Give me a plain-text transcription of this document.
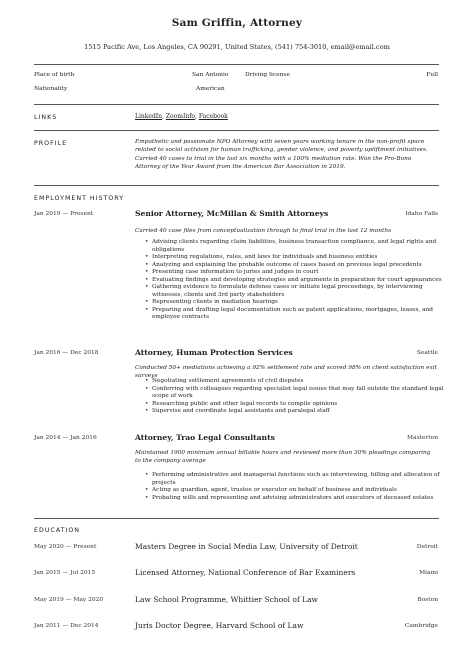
Sam Griffin, Attorney
1515 Pacific Ave, Los Angeles, CA 90291, United States, (541) 754-3010, email@email.com
Place of birth	San Antonio	Driving license	Full
Nationality	American
LINKS	LinkedIn, ZoomInfo, Facebook
PROFILE	Empathetic and passionate NPO Attorney with seven years working tenure in the non-profit space related to social activism for human trafficking, gender violence, and poverty upliftment initiatives. Carried 40 cases to trial in the last six months with a 100% mediation rate. Won the Pro-Bono Attorney of the Year Award from the American Bar Association in 2019.
EMPLOYMENT HISTORY
Jan 2019 — Present	Senior Attorney, McMillan & Smith Attorneys	Idaho Falls
Carried 40 case files from conceptualization through to final trial in the last 12 months
• Advising clients regarding claim liabilities, business transaction compliance, and legal rights and obligations
• Interpreting regulations, rules, and laws for individuals and business entities
• Analyzing and explaining the probable outcome of cases based on previous legal precedents
• Presenting case information to juries and judges in court
• Evaluating findings and developing strategies and arguments in preparation for court appearances
• Gathering evidence to formulate defense cases or initiate legal proceedings, by interviewing witnesses, clients and 3rd party stakeholders
• Representing clients in mediation hearings
• Preparing and drafting legal documentation such as patent applications, mortgages, leases, and employee contracts
Jan 2016 — Dec 2018	Attorney, Human Protection Services	Seattle
Conducted 50+ mediations achieving a 92% settlement rate and scored 98% on client satisfaction exit surveys
• Negotiating settlement agreements of civil disputes
• Conferring with colleagues regarding specialist legal issues that may fall outside the standard legal scope of work
• Researching public and other legal records to compile opinions
• Supervise and coordinate legal assistants and paralegal staff
Jan 2014 — Jan 2016	Attorney, Trao Legal Consultants	Masterton
Maintained 1900 minimum annual billable hours and reviewed more than 30% pleadings comparing to the company average
• Performing administrative and managerial functions such as interviewing, billing and allocation of projects
• Acting as guardian, agent, trustee or executor on behalf of business and individuals
• Probating wills and representing and advising administrators and executors of deceased estates
EDUCATION
May 2020 — Present	Masters Degree in Social Media Law, University of Detroit	Detroit
Jan 2015 — Jul 2015	Licensed Attorney, National Conference of Bar Examiners	Miami
May 2019 — May 2020	Law School Programme, Whittier School of Law	Boston
Jan 2011 — Dec 2014	Juris Doctor Degree, Harvard School of Law	Cambridge
